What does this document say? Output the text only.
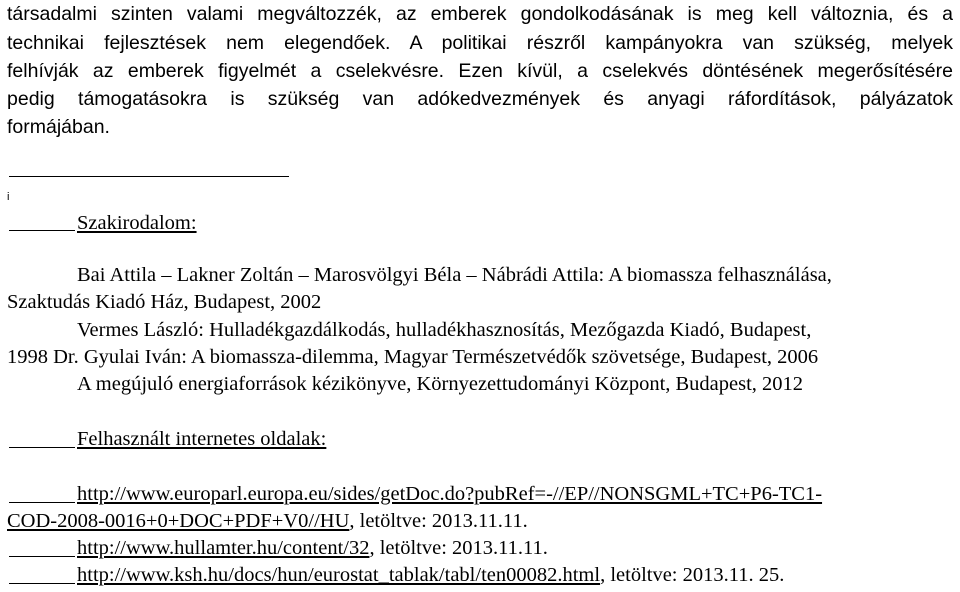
társadalmi szinten valami megváltozzék, az emberek gondolkodásának is meg kell változnia, és a
technikai fejlesztések nem elegendőek. A politikai részről kampányokra van szükség, melyek
felhívják az emberek figyelmét a cselekvésre. Ezen kívül, a cselekvés döntésének megerősítésére
pedig támogatásokra is szükség van adókedvezmények és anyagi ráfordítások, pályázatok
formájában.
i
Szakirodalom:
Bai Attila – Lakner Zoltán – Marosvölgyi Béla – Nábrádi Attila: A biomassza felhasználása,
Szaktudás Kiadó Ház, Budapest, 2002
Vermes László: Hulladékgazdálkodás, hulladékhasznosítás, Mezőgazda Kiadó, Budapest,
1998 Dr. Gyulai Iván: A biomassza-dilemma, Magyar Természetvédők szövetsége, Budapest, 2006
A megújuló energiaforrások kézikönyve, Környezettudományi Központ, Budapest, 2012
Felhasznált internetes oldalak:
http://www.europarl.europa.eu/sides/getDoc.do?pubRef=-//EP//NONSGML+TC+P6-TC1-
COD-2008-0016+0+DOC+PDF+V0//HU, letöltve: 2013.11.11.
http://www.hullamter.hu/content/32, letöltve: 2013.11.11.
http://www.ksh.hu/docs/hun/eurostat_tablak/tabl/ten00082.html, letöltve: 2013.11. 25.
